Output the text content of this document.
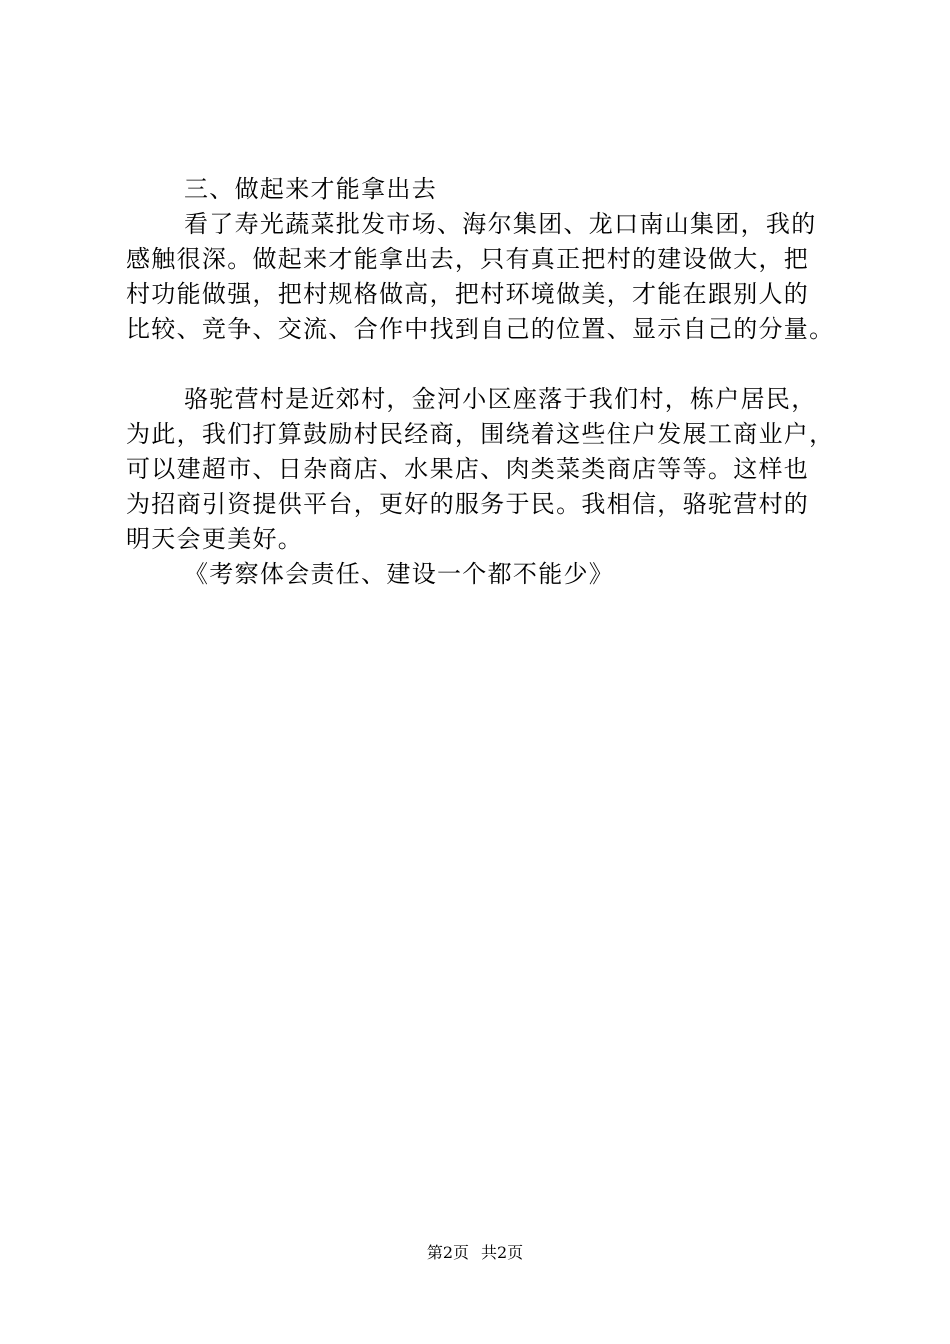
三、做起来才能拿出去
看了寿光蔬菜批发市场、海尔集团、龙口南山集团，我的
感触很深。做起来才能拿出去，只有真正把村的建设做大，把
村功能做强，把村规格做高，把村环境做美，才能在跟别人的
比较、竞争、交流、合作中找到自己的位置、显示自己的分量。
骆驼营村是近郊村，金河小区座落于我们村，栋户居民，
为此，我们打算鼓励村民经商，围绕着这些住户发展工商业户，
可以建超市、日杂商店、水果店、肉类菜类商店等等。这样也
为招商引资提供平台，更好的服务于民。我相信，骆驼营村的
明天会更美好。
《考察体会责任、建设一个都不能少》
第2页 共2页
